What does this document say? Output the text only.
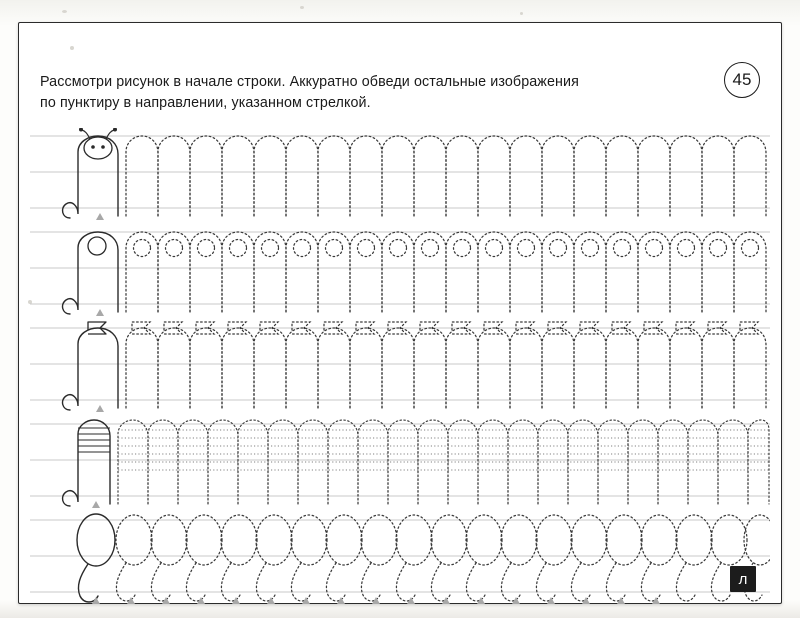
Рассмотри рисунок в начале строки. Аккуратно обведи остальные изображения
по пунктиру в направлении, указанном стрелкой.
45
л
